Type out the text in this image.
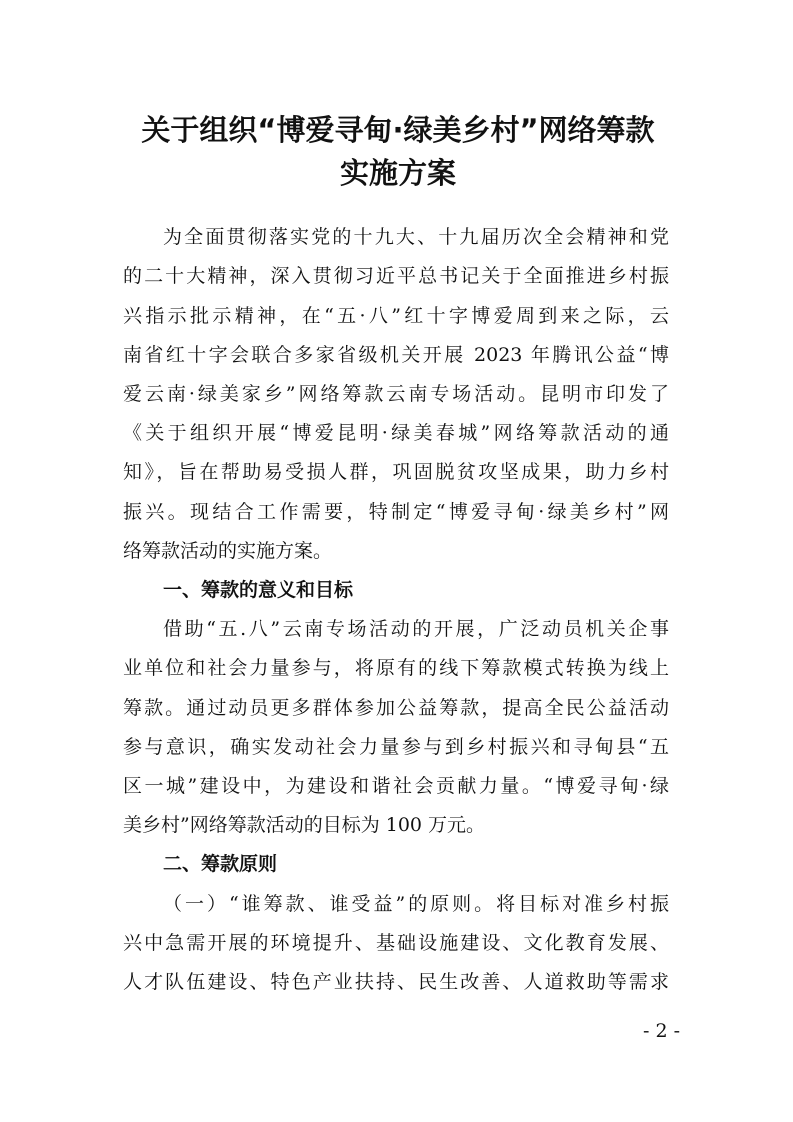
关于组织“博爱寻甸·绿美乡村”网络筹款
实施方案

为全面贯彻落实党的十九大、十九届历次全会精神和党

的二十大精神，深入贯彻习近平总书记关于全面推进乡村振

兴指示批示精神，在“五·八”红十字博爱周到来之际，云

南省红十字会联合多家省级机关开展 2023 年腾讯公益“博

爱云南·绿美家乡”网络筹款云南专场活动。昆明市印发了

《关于组织开展“博爱昆明·绿美春城”网络筹款活动的通

知》，旨在帮助易受损人群，巩固脱贫攻坚成果，助力乡村

振兴。现结合工作需要，特制定“博爱寻甸·绿美乡村”网

络筹款活动的实施方案。

一、筹款的意义和目标

借助“五.八”云南专场活动的开展，广泛动员机关企事

业单位和社会力量参与，将原有的线下筹款模式转换为线上

筹款。通过动员更多群体参加公益筹款，提高全民公益活动

参与意识，确实发动社会力量参与到乡村振兴和寻甸县“五

区一城”建设中，为建设和谐社会贡献力量。“博爱寻甸·绿

美乡村”网络筹款活动的目标为 100 万元。

二、筹款原则

（一）“谁筹款、谁受益”的原则。将目标对准乡村振

兴中急需开展的环境提升、基础设施建设、文化教育发展、

人才队伍建设、特色产业扶持、民生改善、人道救助等需求

- 2 -
